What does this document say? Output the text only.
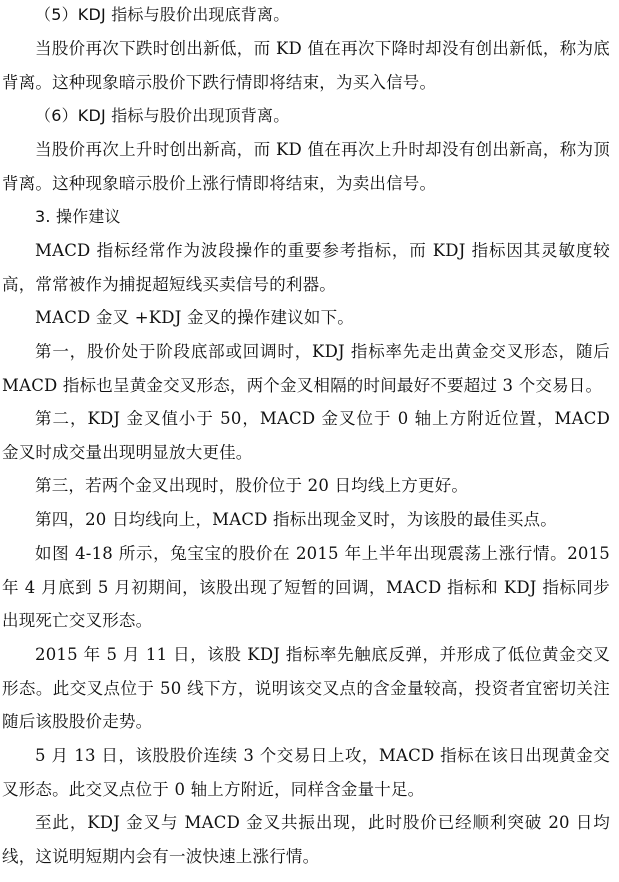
（5）KDJ 指标与股价出现底背离。

当股价再次下跌时创出新低，而 KD 值在再次下降时却没有创出新低，称为底背离。这种现象暗示股价下跌行情即将结束，为买入信号。

（6）KDJ 指标与股价出现顶背离。

当股价再次上升时创出新高，而 KD 值在再次上升时却没有创出新高，称为顶背离。这种现象暗示股价上涨行情即将结束，为卖出信号。

3. 操作建议

MACD 指标经常作为波段操作的重要参考指标，而 KDJ 指标因其灵敏度较高，常常被作为捕捉超短线买卖信号的利器。

MACD 金叉 +KDJ 金叉的操作建议如下。

第一，股价处于阶段底部或回调时，KDJ 指标率先走出黄金交叉形态，随后 MACD 指标也呈黄金交叉形态，两个金叉相隔的时间最好不要超过 3 个交易日。

第二，KDJ 金叉值小于 50，MACD 金叉位于 0 轴上方附近位置，MACD 金叉时成交量出现明显放大更佳。

第三，若两个金叉出现时，股价位于 20 日均线上方更好。

第四，20 日均线向上，MACD 指标出现金叉时，为该股的最佳买点。

如图 4-18 所示，兔宝宝的股价在 2015 年上半年出现震荡上涨行情。2015 年 4 月底到 5 月初期间，该股出现了短暂的回调，MACD 指标和 KDJ 指标同步出现死亡交叉形态。

2015 年 5 月 11 日，该股 KDJ 指标率先触底反弹，并形成了低位黄金交叉形态。此交叉点位于 50 线下方，说明该交叉点的含金量较高，投资者宜密切关注随后该股股价走势。

5 月 13 日，该股股价连续 3 个交易日上攻，MACD 指标在该日出现黄金交叉形态。此交叉点位于 0 轴上方附近，同样含金量十足。

至此，KDJ 金叉与 MACD 金叉共振出现，此时股价已经顺利突破 20 日均线，这说明短期内会有一波快速上涨行情。
